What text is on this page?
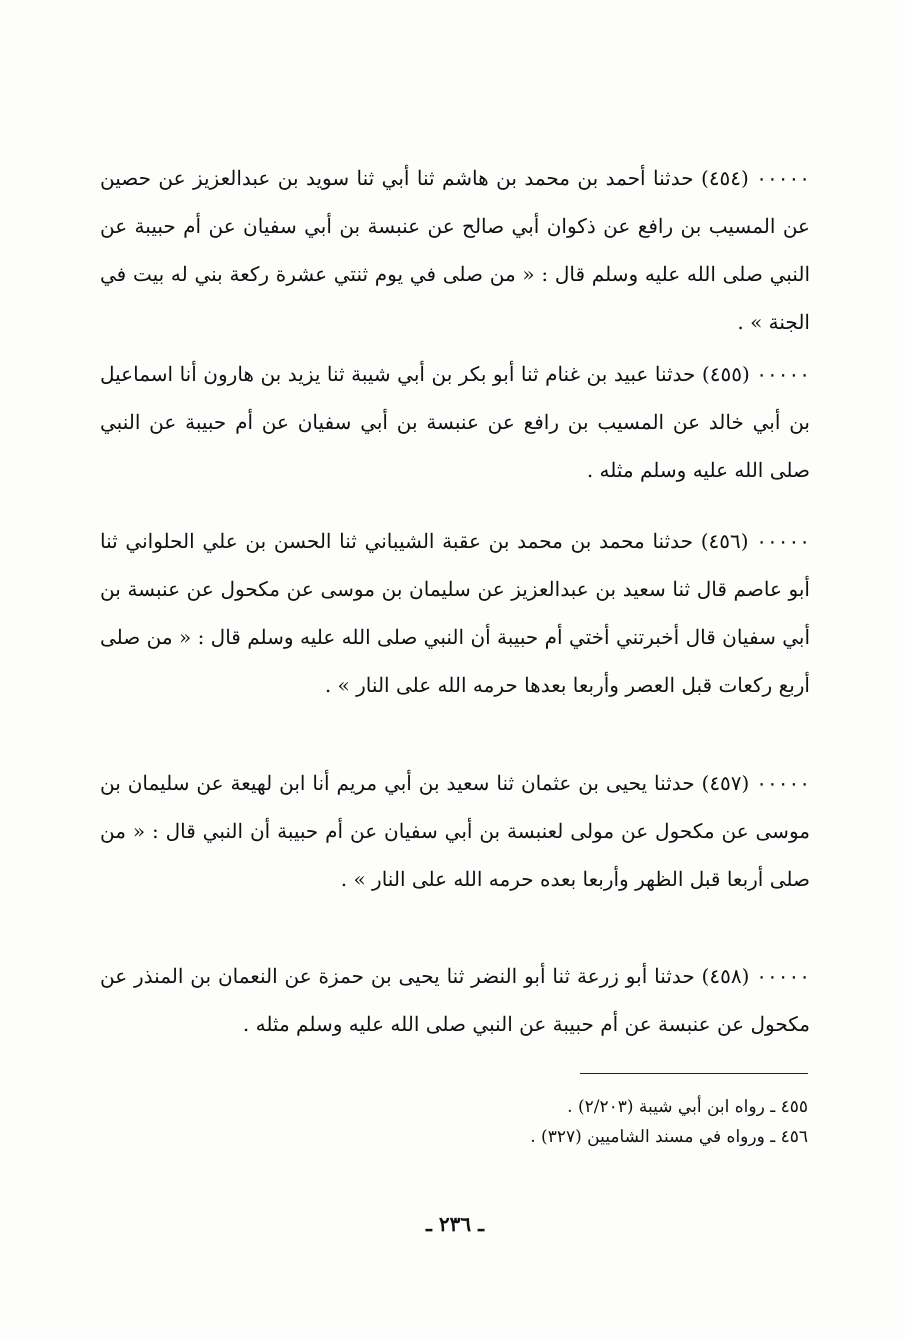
٠٠٠٠٠ (٤٥٤) حدثنا أحمد بن محمد بن هاشم ثنا أبي ثنا سويد بن عبدالعزيز عن حصين عن المسيب بن رافع عن ذكوان أبي صالح عن عنبسة بن أبي سفيان عن أم حبيبة عن النبي صلى الله عليه وسلم قال : « من صلى في يوم ثنتي عشرة ركعة بني له بيت في الجنة » .

٠٠٠٠٠ (٤٥٥) حدثنا عبيد بن غنام ثنا أبو بكر بن أبي شيبة ثنا يزيد بن هارون أنا اسماعيل بن أبي خالد عن المسيب بن رافع عن عنبسة بن أبي سفيان عن أم حبيبة عن النبي صلى الله عليه وسلم مثله .

٠٠٠٠٠ (٤٥٦) حدثنا محمد بن محمد بن عقبة الشيباني ثنا الحسن بن علي الحلواني ثنا أبو عاصم قال ثنا سعيد بن عبدالعزيز عن سليمان بن موسى عن مكحول عن عنبسة بن أبي سفيان قال أخبرتني أختي أم حبيبة أن النبي صلى الله عليه وسلم قال : « من صلى أربع ركعات قبل العصر وأربعا بعدها حرمه الله على النار » .

٠٠٠٠٠ (٤٥٧) حدثنا يحيى بن عثمان ثنا سعيد بن أبي مريم أنا ابن لهيعة عن سليمان بن موسى عن مكحول عن مولى لعنبسة بن أبي سفيان عن أم حبيبة أن النبي قال : « من صلى أربعا قبل الظهر وأربعا بعده حرمه الله على النار » .

٠٠٠٠٠ (٤٥٨) حدثنا أبو زرعة ثنا أبو النضر ثنا يحيى بن حمزة عن النعمان بن المنذر عن مكحول عن عنبسة عن أم حبيبة عن النبي صلى الله عليه وسلم مثله .

٤٥٥ ـ رواه ابن أبي شيبة (٢/٢٠٣) .
٤٥٦ ـ ورواه في مسند الشاميين (٣٢٧) .
ـ ٢٣٦ ـ
